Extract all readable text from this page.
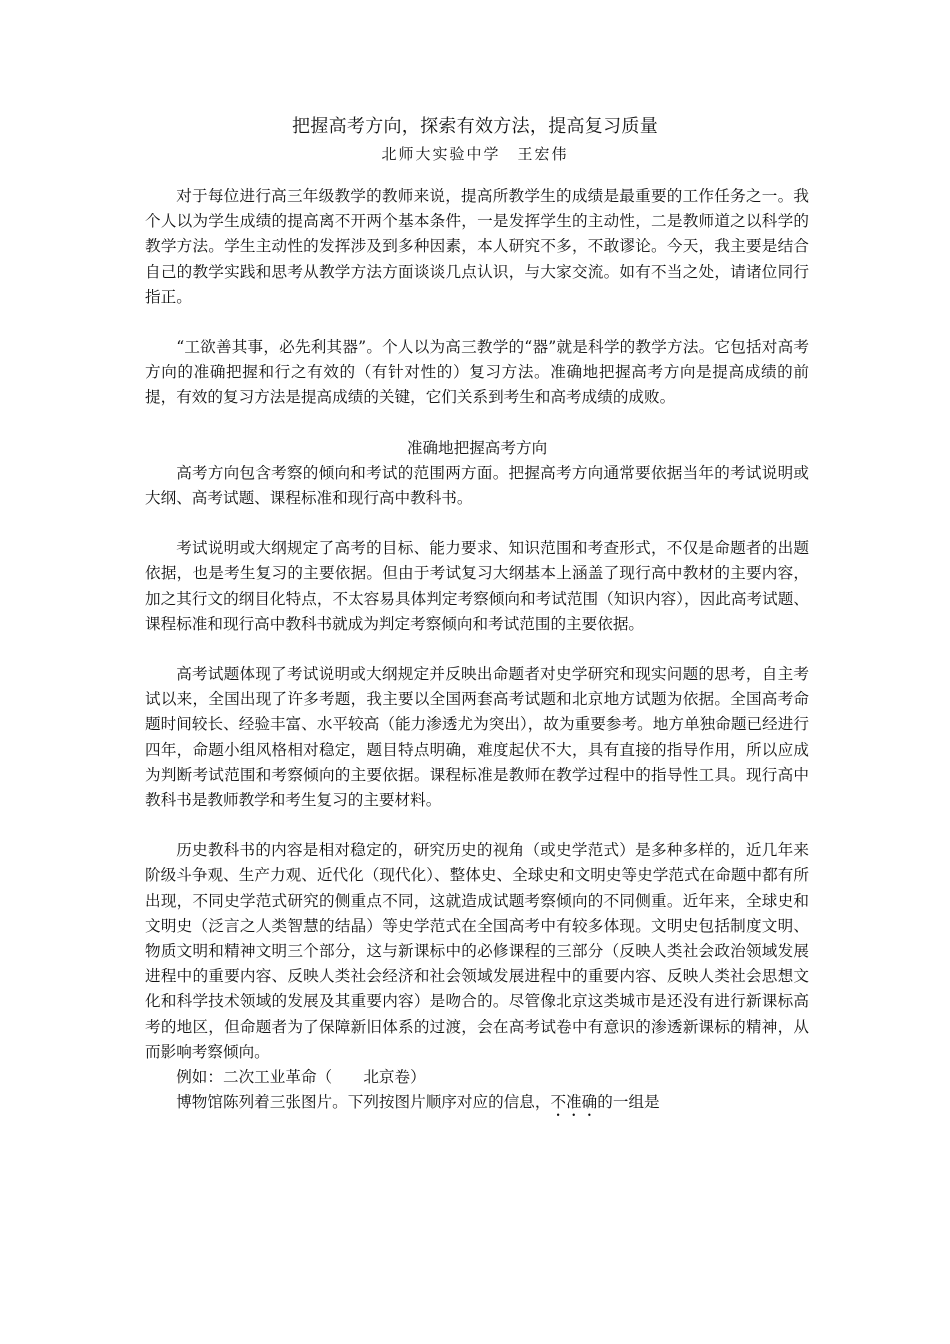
把握高考方向，探索有效方法，提高复习质量
北师大实验中学　王宏伟

对于每位进行高三年级教学的教师来说，提高所教学生的成绩是最重要的工作任务之一。我个人以为学生成绩的提高离不开两个基本条件，一是发挥学生的主动性，二是教师道之以科学的教学方法。学生主动性的发挥涉及到多种因素，本人研究不多，不敢谬论。今天，我主要是结合自己的教学实践和思考从教学方法方面谈谈几点认识，与大家交流。如有不当之处，请诸位同行指正。

“工欲善其事，必先利其器”。个人以为高三教学的“器”就是科学的教学方法。它包括对高考方向的准确把握和行之有效的（有针对性的）复习方法。准确地把握高考方向是提高成绩的前提，有效的复习方法是提高成绩的关键，它们关系到考生和高考成绩的成败。

准确地把握高考方向

高考方向包含考察的倾向和考试的范围两方面。把握高考方向通常要依据当年的考试说明或大纲、高考试题、课程标准和现行高中教科书。

考试说明或大纲规定了高考的目标、能力要求、知识范围和考查形式，不仅是命题者的出题依据，也是考生复习的主要依据。但由于考试复习大纲基本上涵盖了现行高中教材的主要内容，加之其行文的纲目化特点，不太容易具体判定考察倾向和考试范围（知识内容），因此高考试题、课程标准和现行高中教科书就成为判定考察倾向和考试范围的主要依据。

高考试题体现了考试说明或大纲规定并反映出命题者对史学研究和现实问题的思考，自主考试以来，全国出现了许多考题，我主要以全国两套高考试题和北京地方试题为依据。全国高考命题时间较长、经验丰富、水平较高（能力渗透尤为突出），故为重要参考。地方单独命题已经进行四年，命题小组风格相对稳定，题目特点明确，难度起伏不大，具有直接的指导作用，所以应成为判断考试范围和考察倾向的主要依据。课程标准是教师在教学过程中的指导性工具。现行高中教科书是教师教学和考生复习的主要材料。

历史教科书的内容是相对稳定的，研究历史的视角（或史学范式）是多种多样的，近几年来阶级斗争观、生产力观、近代化（现代化）、整体史、全球史和文明史等史学范式在命题中都有所出现，不同史学范式研究的侧重点不同，这就造成试题考察倾向的不同侧重。近年来，全球史和文明史（泛言之人类智慧的结晶）等史学范式在全国高考中有较多体现。文明史包括制度文明、物质文明和精神文明三个部分，这与新课标中的必修课程的三部分（反映人类社会政治领域发展进程中的重要内容、反映人类社会经济和社会领域发展进程中的重要内容、反映人类社会思想文化和科学技术领域的发展及其重要内容）是吻合的。尽管像北京这类城市是还没有进行新课标高考的地区，但命题者为了保障新旧体系的过渡，会在高考试卷中有意识的渗透新课标的精神，从而影响考察倾向。

例如：二次工业革命（　　北京卷）

博物馆陈列着三张图片。下列按图片顺序对应的信息，不准确的一组是
